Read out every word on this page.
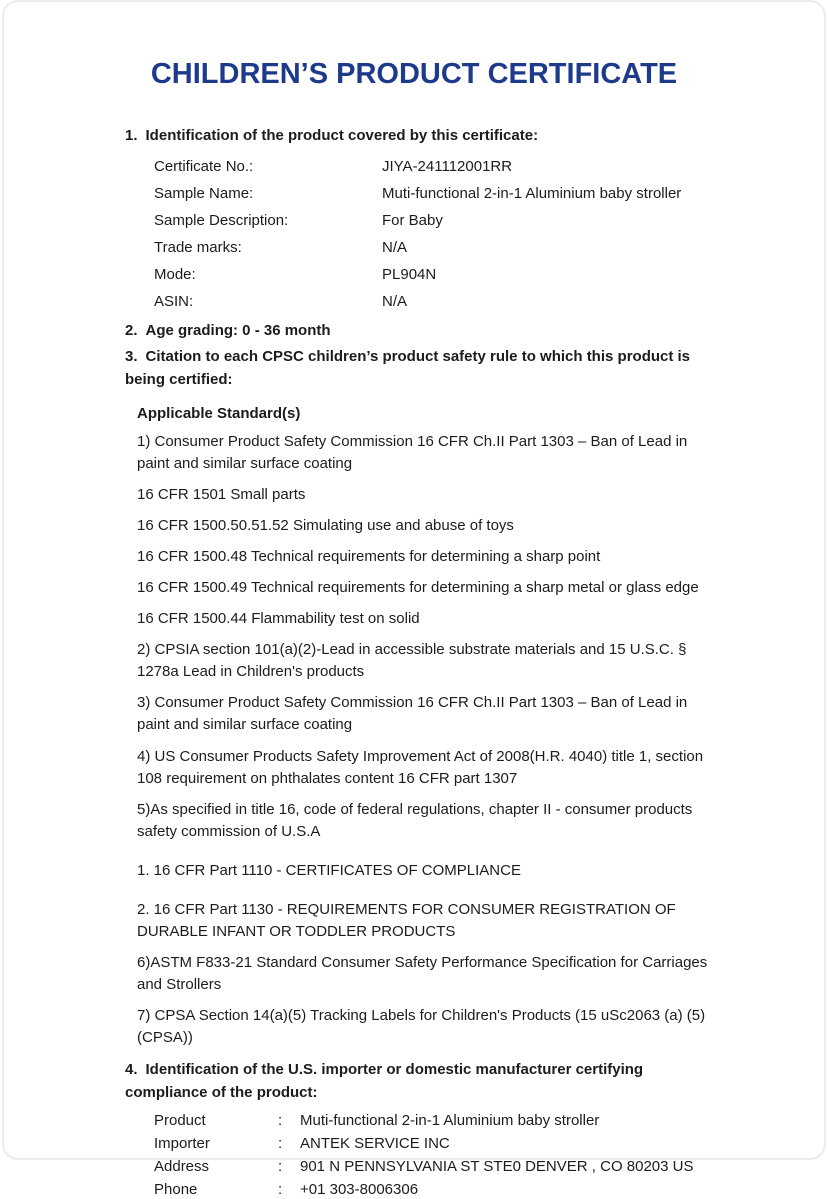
CHILDREN’S PRODUCT CERTIFICATE

1. Identification of the product covered by this certificate:

Certificate No.:	JIYA-241112001RR
Sample Name:	Muti-functional 2-in-1 Aluminium baby stroller
Sample Description:	For Baby
Trade marks:	N/A
Mode:	PL904N
ASIN:	N/A

2. Age grading: 0 - 36 month

3. Citation to each CPSC children’s product safety rule to which this product is being certified:

Applicable Standard(s)

1) Consumer Product Safety Commission 16 CFR Ch.II Part 1303 – Ban of Lead in paint and similar surface coating

16 CFR 1501 Small parts

16 CFR 1500.50.51.52 Simulating use and abuse of toys

16 CFR 1500.48 Technical requirements for determining a sharp point

16 CFR 1500.49 Technical requirements for determining a sharp metal or glass edge

16 CFR 1500.44 Flammability test on solid

2) CPSIA section 101(a)(2)-Lead in accessible substrate materials and 15 U.S.C. § 1278a Lead in Children's products

3) Consumer Product Safety Commission 16 CFR Ch.II Part 1303 – Ban of Lead in paint and similar surface coating

4) US Consumer Products Safety Improvement Act of 2008(H.R. 4040) title 1, section 108 requirement on phthalates content 16 CFR part 1307

5)As specified in title 16, code of federal regulations, chapter II - consumer products safety commission of U.S.A

1. 16 CFR Part 1110 - CERTIFICATES OF COMPLIANCE

2. 16 CFR Part 1130 - REQUIREMENTS FOR CONSUMER REGISTRATION OF DURABLE INFANT OR TODDLER PRODUCTS

6)ASTM F833-21 Standard Consumer Safety Performance Specification for Carriages and Strollers

7) CPSA Section 14(a)(5) Tracking Labels for Children's Products (15 uSc2063 (a) (5) (CPSA))

4. Identification of the U.S. importer or domestic manufacturer certifying compliance of the product:

Product	:	Muti-functional 2-in-1 Aluminium baby stroller
Importer	:	ANTEK SERVICE INC
Address	:	901 N PENNSYLVANIA ST STE0 DENVER , CO 80203 US
Phone	:	+01 303-8006306
